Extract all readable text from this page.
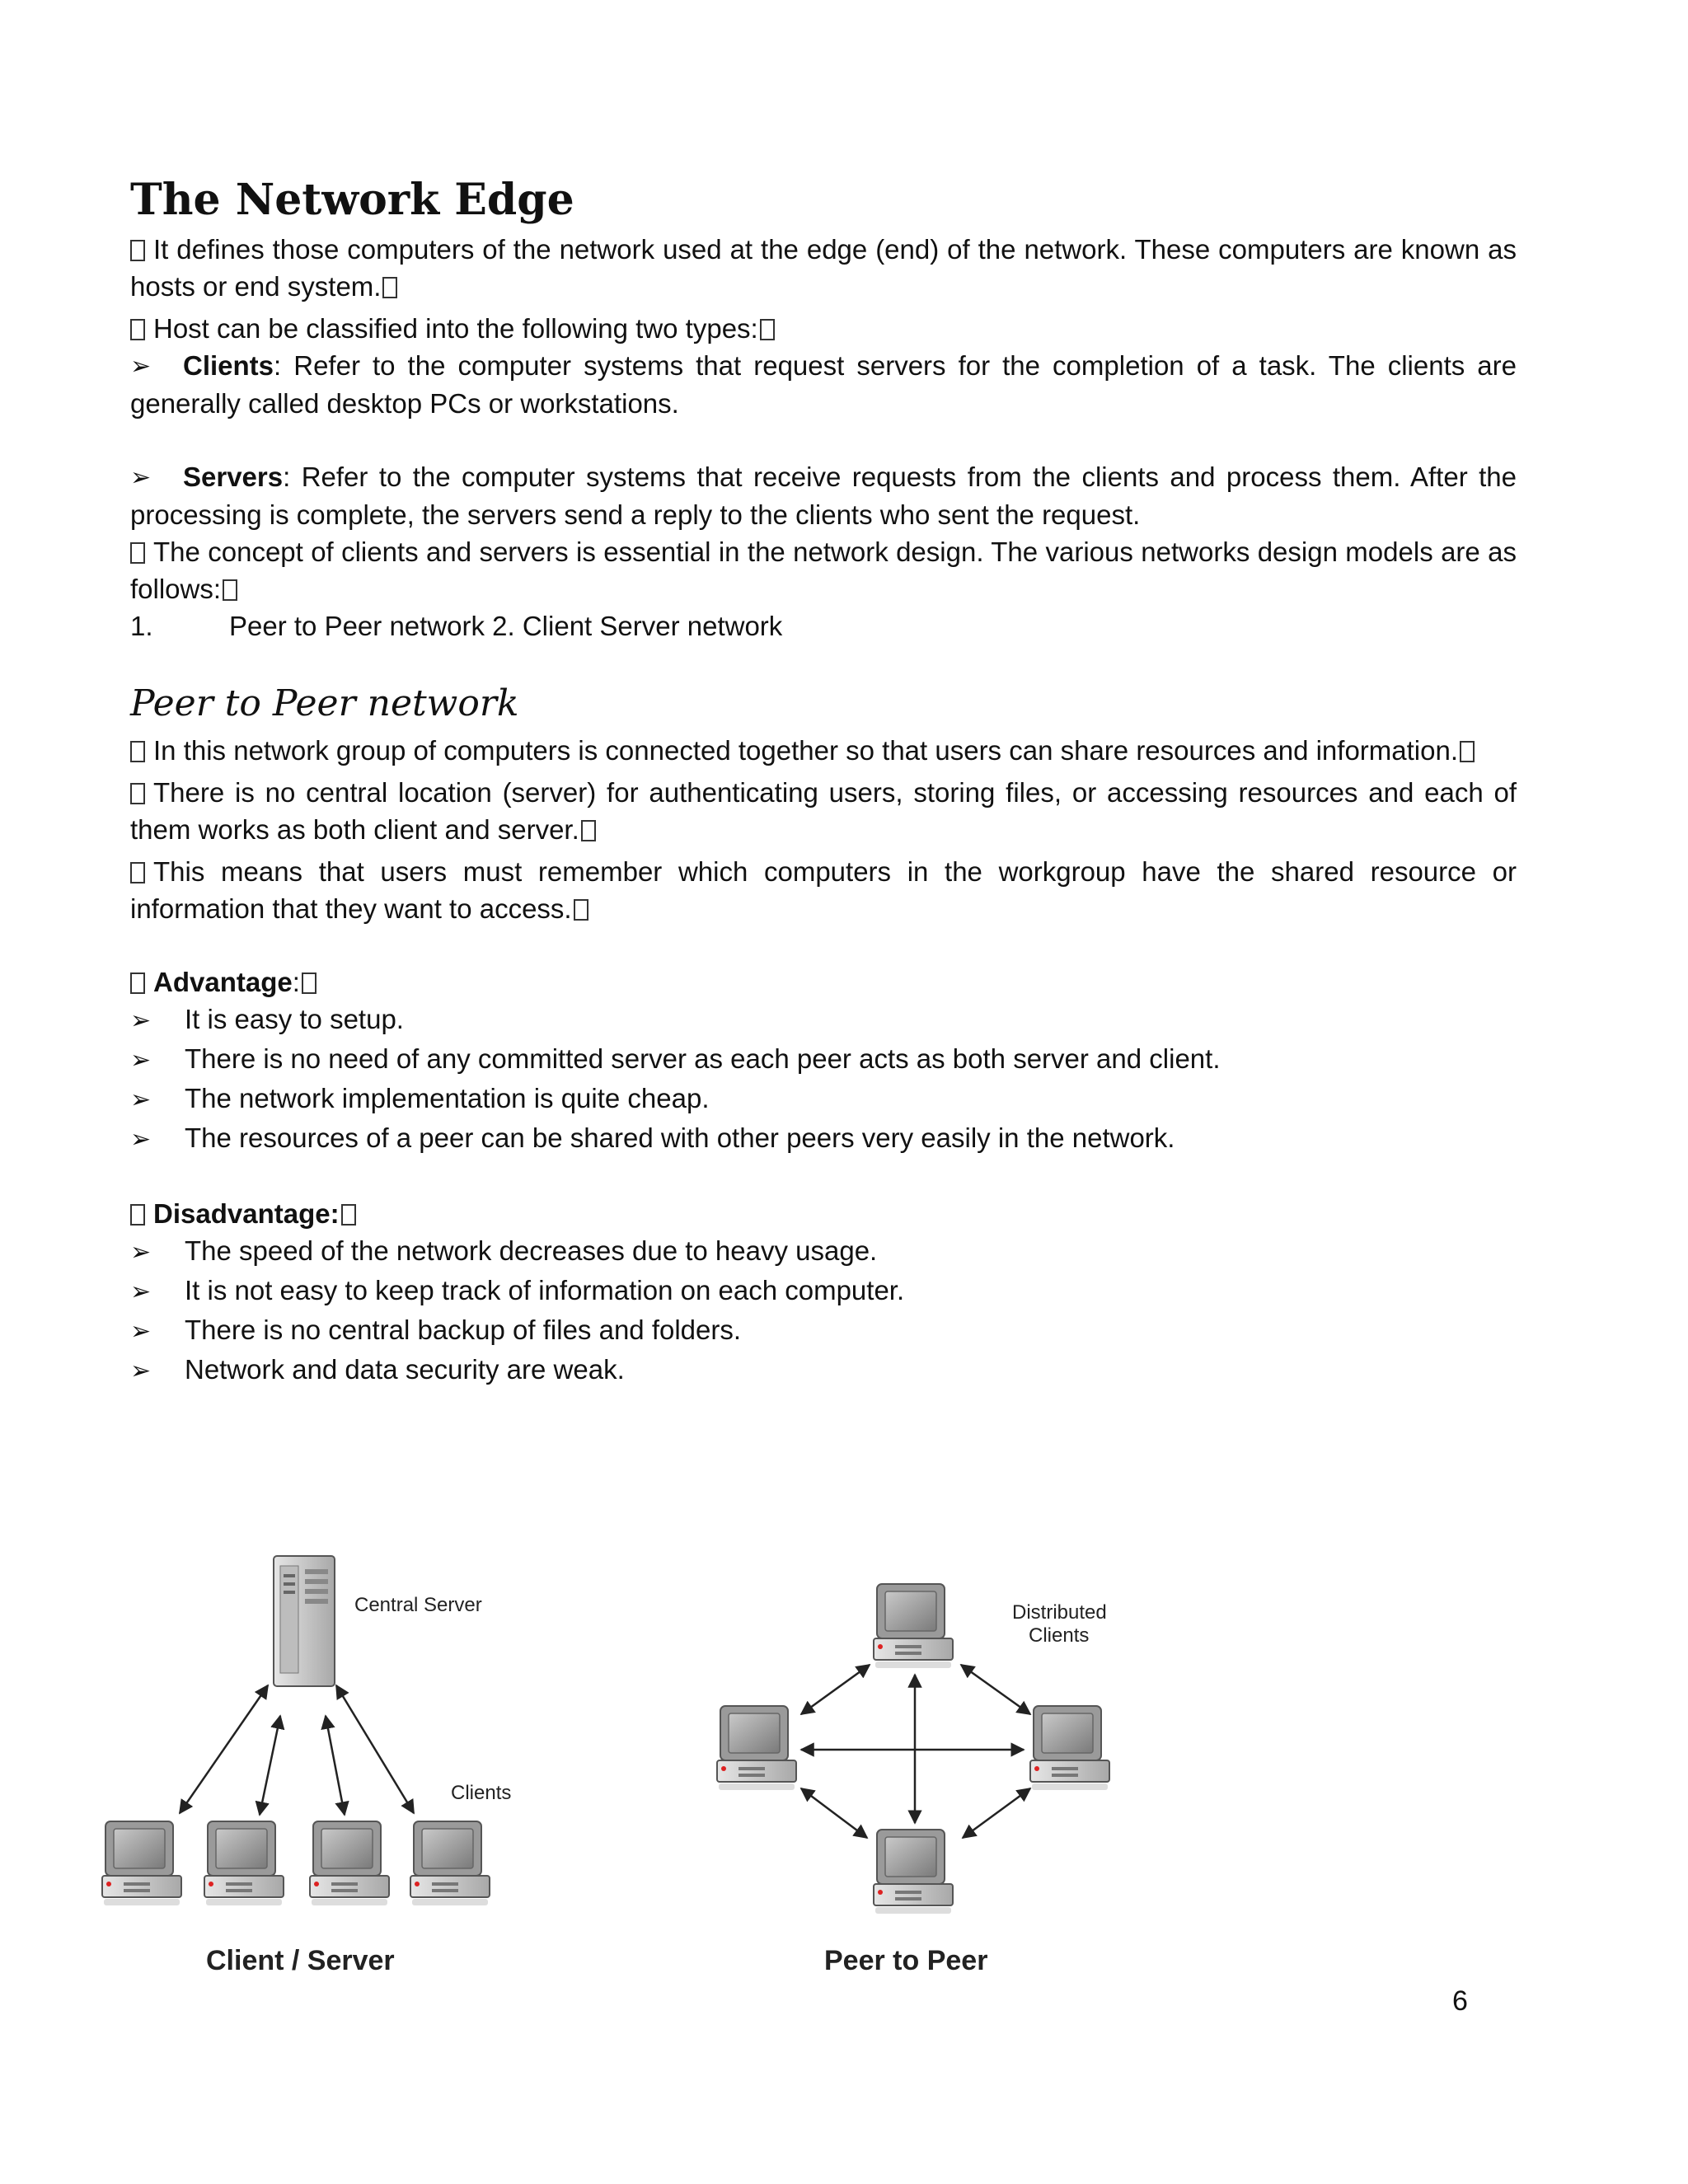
The Network Edge

It defines those computers of the network used at the edge (end) of the network. These computers are known as hosts or end system.

Host can be classified into the following two types:

➢ Clients: Refer to the computer systems that request servers for the completion of a task. The clients are generally called desktop PCs or workstations.

➢ Servers: Refer to the computer systems that receive requests from the clients and process them. After the processing is complete, the servers send a reply to the clients who sent the request.

The concept of clients and servers is essential in the network design. The various networks design models are as follows:

1.	Peer to Peer network 2. Client Server network
Peer to Peer network

In this network group of computers is connected together so that users can share resources and information.

There is no central location (server) for authenticating users, storing files, or accessing resources and each of them works as both client and server.

This means that users must remember which computers in the workgroup have the shared resource or information that they want to access.

Advantage:
➢	It is easy to setup.
➢	There is no need of any committed server as each peer acts as both server and client.
➢	The network implementation is quite cheap.
➢	The resources of a peer can be shared with other peers very easily in the network.
Disadvantage:
➢	The speed of the network decreases due to heavy usage.
➢	It is not easy to keep track of information on each computer.
➢	There is no central backup of files and folders.
➢	Network and data security are weak.
Central Server
Clients
Client / Server
Distributed
Clients
Peer to Peer
6
